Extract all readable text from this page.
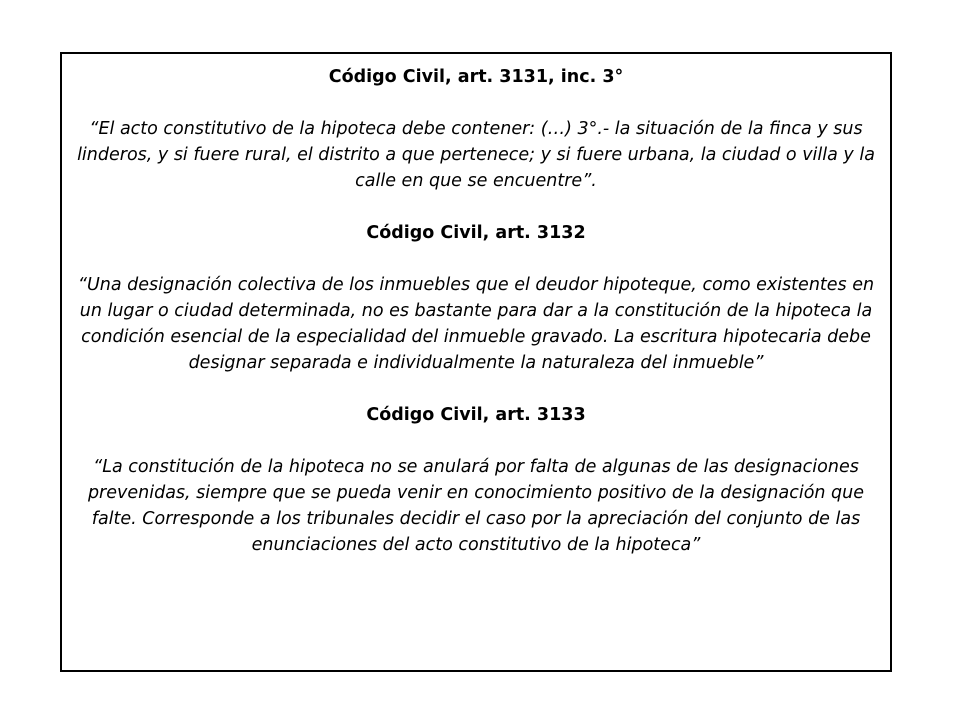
Código Civil, art. 3131, inc. 3°

“El acto constitutivo de la hipoteca debe contener: (…) 3°.- la situación de la finca y sus linderos, y si fuere rural, el distrito a que pertenece; y si fuere urbana, la ciudad o villa y la calle en que se encuentre”.

Código Civil, art. 3132

“Una designación colectiva de los inmuebles que el deudor hipoteque, como existentes en un lugar o ciudad determinada, no es bastante para dar a la constitución de la hipoteca la condición esencial de la especialidad del inmueble gravado. La escritura hipotecaria debe designar separada e individualmente la naturaleza del inmueble”

Código Civil, art. 3133

“La constitución de la hipoteca no se anulará por falta de algunas de las designaciones prevenidas, siempre que se pueda venir en conocimiento positivo de la designación que falte. Corresponde a los tribunales decidir el caso por la apreciación del conjunto de las enunciaciones del acto constitutivo de la hipoteca”
